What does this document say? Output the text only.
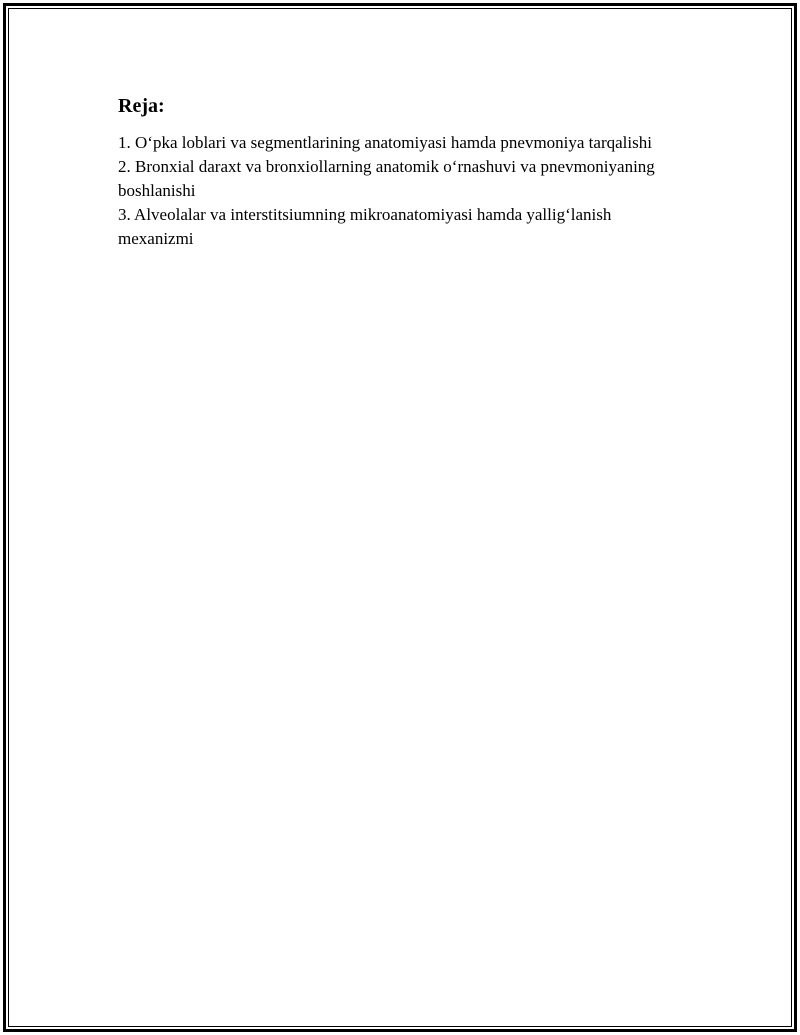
Reja:

1. O‘pka loblari va segmentlarining anatomiyasi hamda pnevmoniya tarqalishi

2. Bronxial daraxt va bronxiollarning anatomik o‘rnashuvi va pnevmoniyaning boshlanishi

3. Alveolalar va interstitsiumning mikroanatomiyasi hamda yallig‘lanish mexanizmi
